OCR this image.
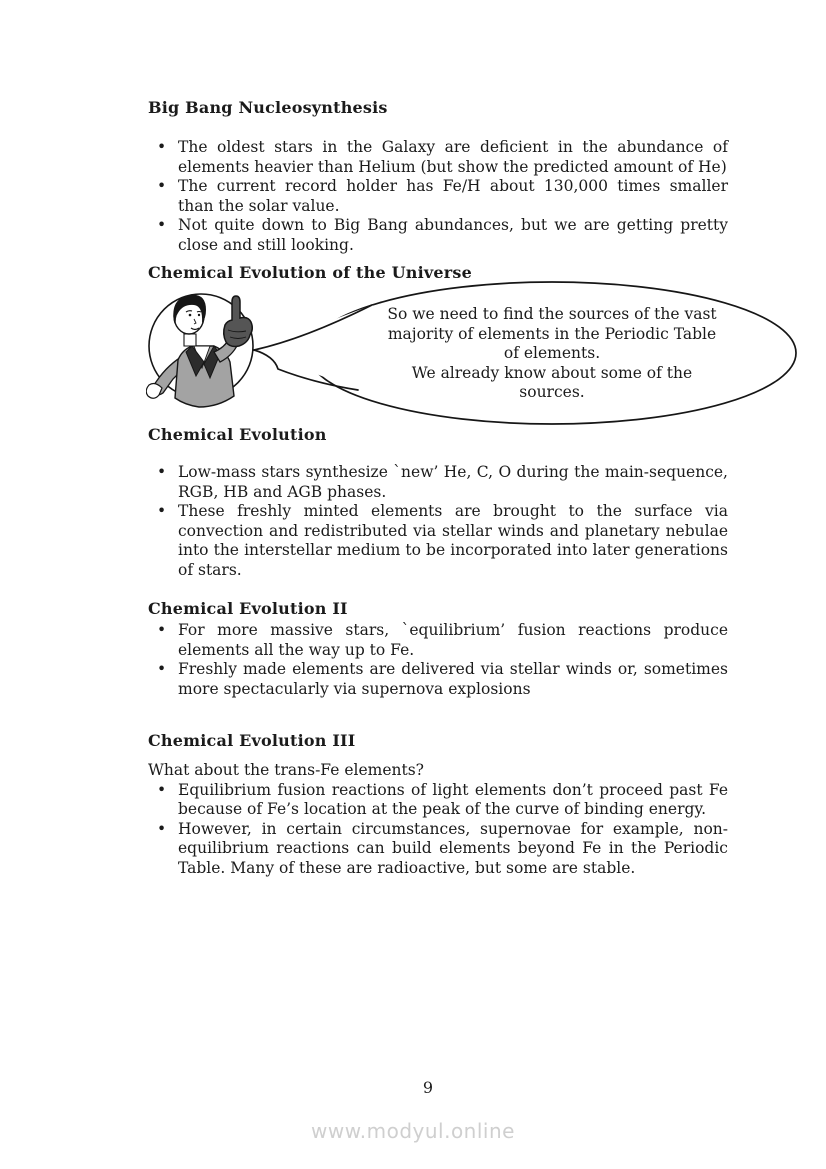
Big Bang Nucleosynthesis
• The oldest stars in the Galaxy are deficient in the abundance of elements heavier than Helium (but show the predicted amount of He)
• The current record holder has Fe/H about 130,000 times smaller than the solar value.
• Not quite down to Big Bang abundances, but we are getting pretty close and still looking.
Chemical Evolution of the Universe
So we need to find the sources of the vast
majority of elements in the Periodic Table
of elements.
We already know about some of the
sources.
Chemical Evolution
• Low-mass stars synthesize `new’ He, C, O during the main-sequence, RGB, HB and AGB phases.
• These freshly minted elements are brought to the surface via convection and redistributed via stellar winds and planetary nebulae into the interstellar medium to be incorporated into later generations of stars.
Chemical Evolution II
• For more massive stars, `equilibrium’ fusion reactions produce elements all the way up to Fe.
• Freshly made elements are delivered via stellar winds or, sometimes more spectacularly via supernova explosions
Chemical Evolution III
What about the trans-Fe elements?
• Equilibrium fusion reactions of light elements don’t proceed past Fe because of Fe’s location at the peak of the curve of binding energy.
• However, in certain circumstances, supernovae for example, non-equilibrium reactions can build elements beyond Fe in the Periodic Table. Many of these are radioactive, but some are stable.
9
www.modyul.online
